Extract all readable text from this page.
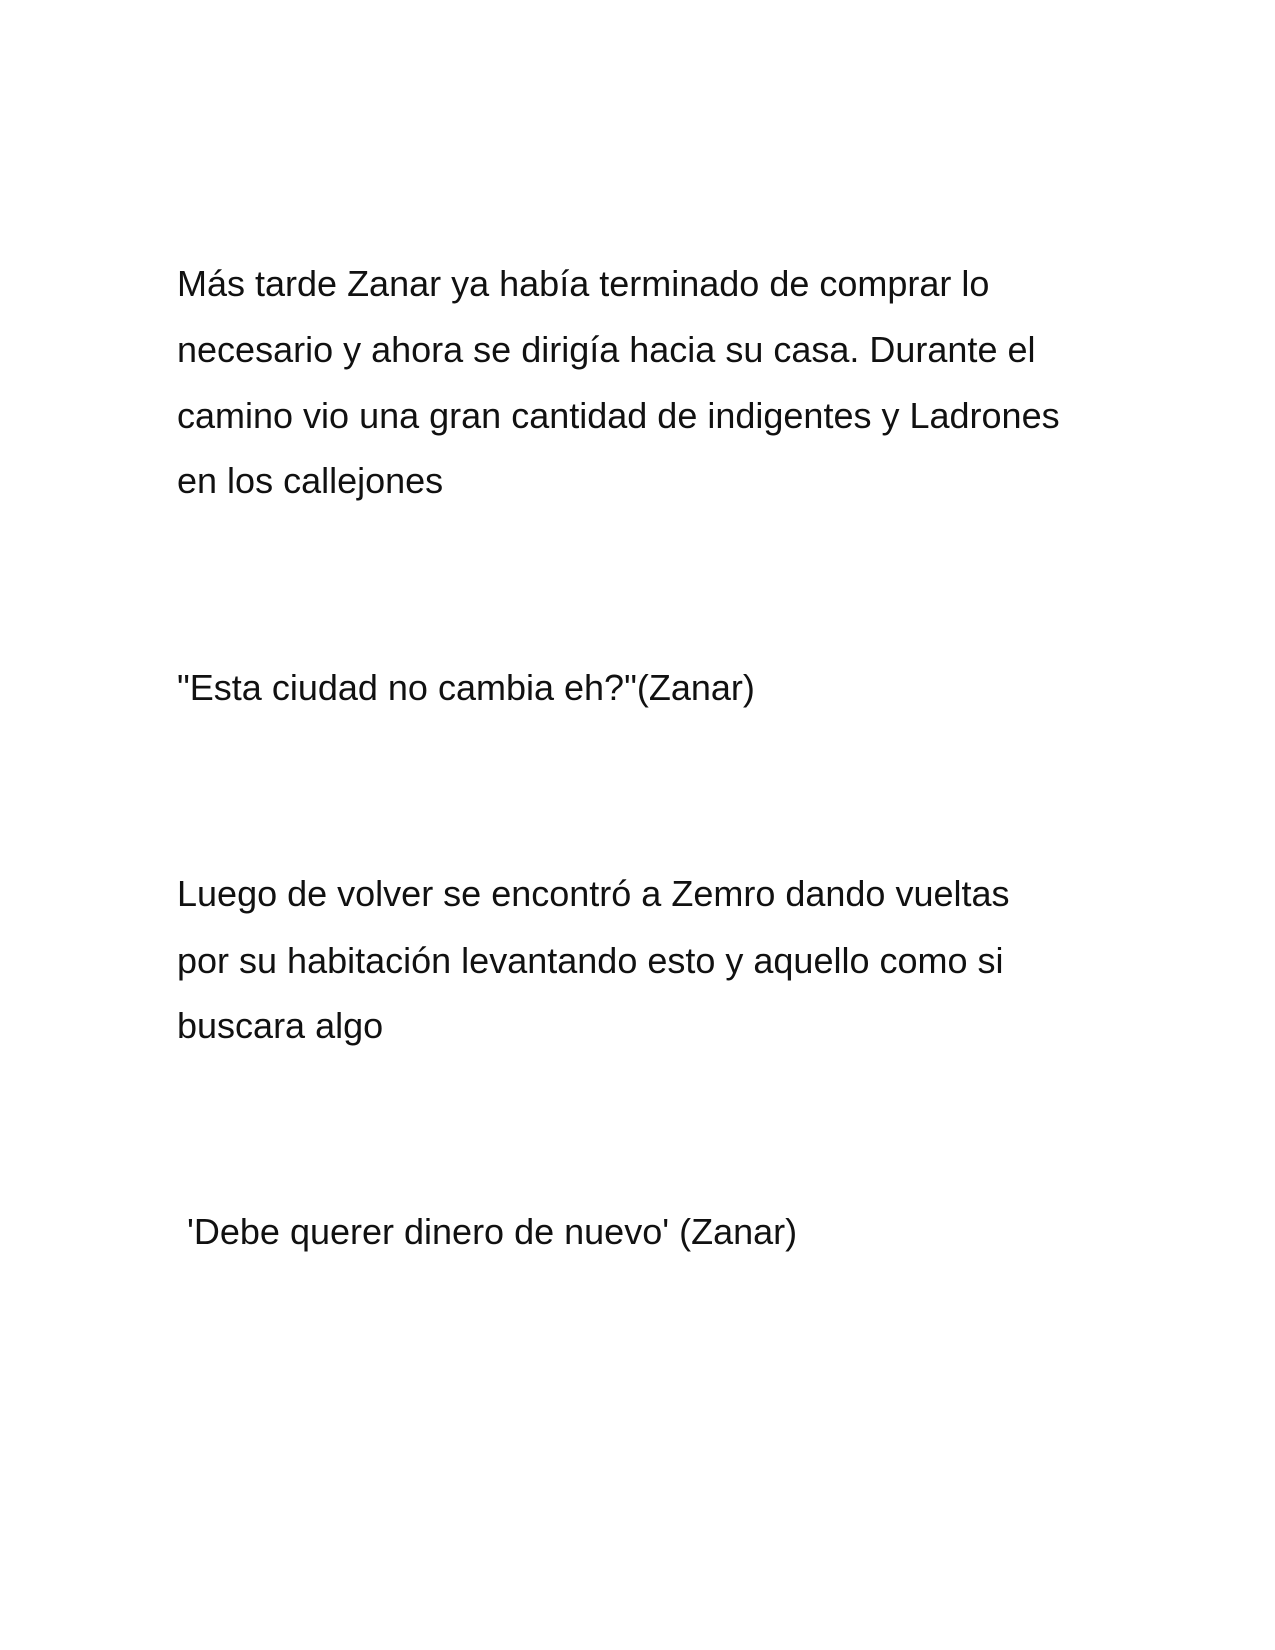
Más tarde Zanar ya había terminado de comprar lo

necesario y ahora se dirigía hacia su casa. Durante el

camino vio una gran cantidad de indigentes y Ladrones

en los callejones

"Esta ciudad no cambia eh?"(Zanar)

Luego de volver se encontró a Zemro dando vueltas

por su habitación levantando esto y aquello como si

buscara algo

'Debe querer dinero de nuevo' (Zanar)
